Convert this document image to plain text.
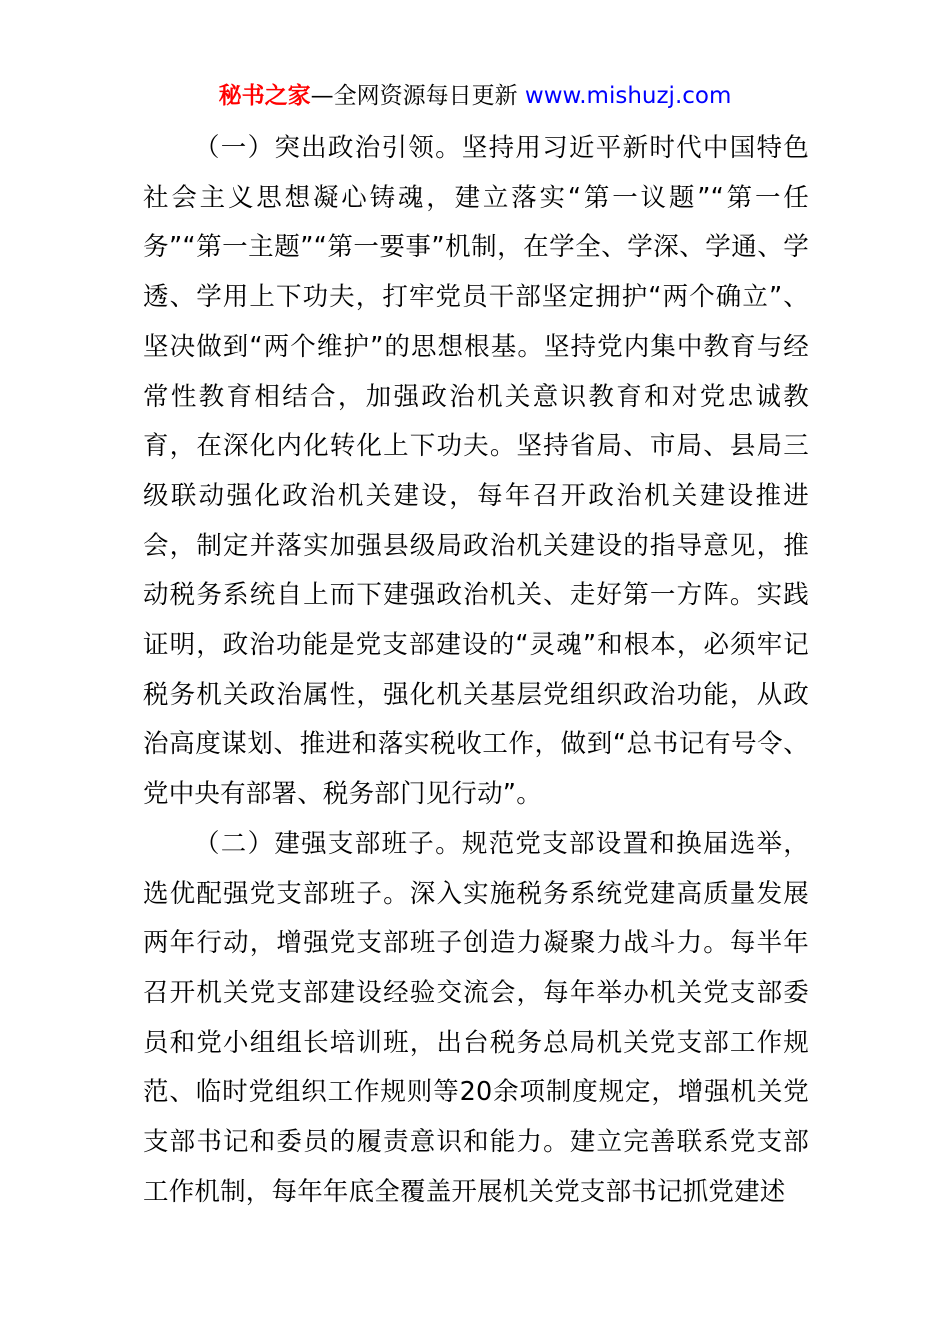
秘书之家—全网资源每日更新 www.mishuzj.com

（一）突出政治引领。坚持用习近平新时代中国特色社会主义思想凝心铸魂，建立落实“第一议题”“第一任务”“第一主题”“第一要事”机制，在学全、学深、学通、学透、学用上下功夫，打牢党员干部坚定拥护“两个确立”、坚决做到“两个维护”的思想根基。坚持党内集中教育与经常性教育相结合，加强政治机关意识教育和对党忠诚教育，在深化内化转化上下功夫。坚持省局、市局、县局三级联动强化政治机关建设，每年召开政治机关建设推进会，制定并落实加强县级局政治机关建设的指导意见，推动税务系统自上而下建强政治机关、走好第一方阵。实践证明，政治功能是党支部建设的“灵魂”和根本，必须牢记税务机关政治属性，强化机关基层党组织政治功能，从政治高度谋划、推进和落实税收工作，做到“总书记有号令、党中央有部署、税务部门见行动”。

（二）建强支部班子。规范党支部设置和换届选举，选优配强党支部班子。深入实施税务系统党建高质量发展两年行动，增强党支部班子创造力凝聚力战斗力。每半年召开机关党支部建设经验交流会，每年举办机关党支部委员和党小组组长培训班，出台税务总局机关党支部工作规范、临时党组织工作规则等20余项制度规定，增强机关党支部书记和委员的履责意识和能力。建立完善联系党支部工作机制，每年年底全覆盖开展机关党支部书记抓党建述
